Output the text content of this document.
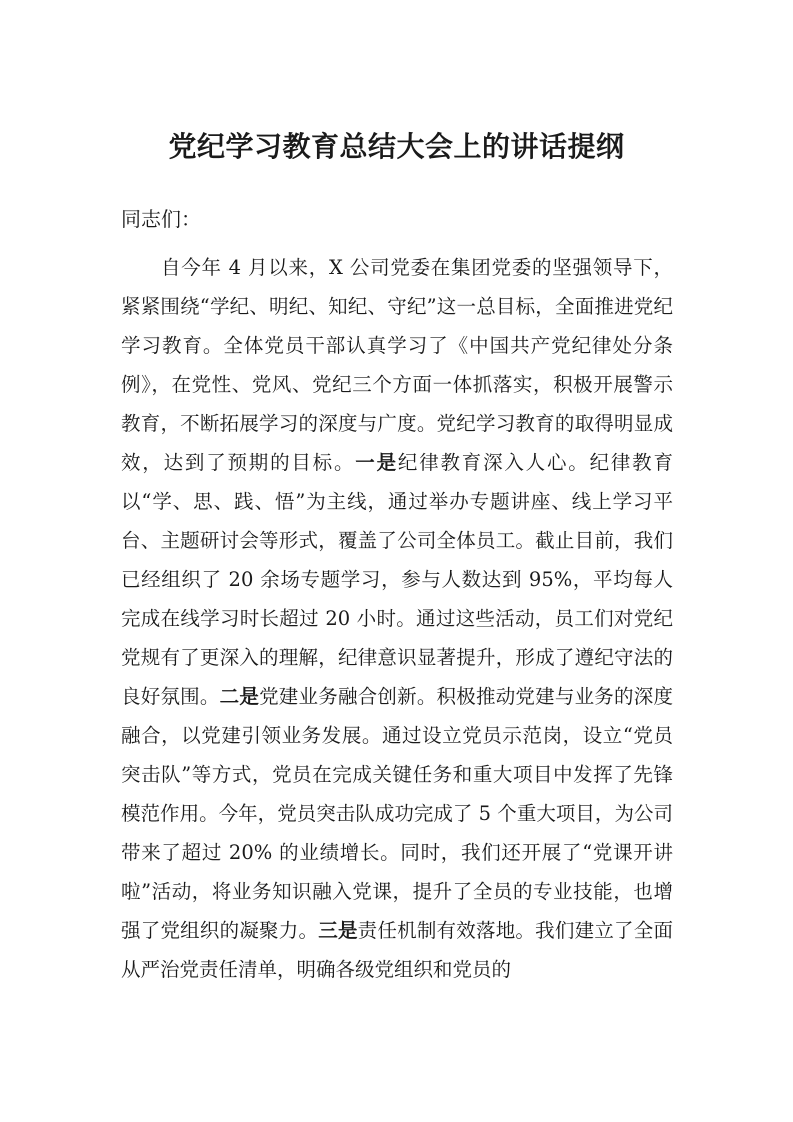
党纪学习教育总结大会上的讲话提纲
同志们：

自今年 4 月以来，X 公司党委在集团党委的坚强领导下，紧紧围绕“学纪、明纪、知纪、守纪”这一总目标，全面推进党纪学习教育。全体党员干部认真学习了《中国共产党纪律处分条例》，在党性、党风、党纪三个方面一体抓落实，积极开展警示教育，不断拓展学习的深度与广度。党纪学习教育的取得明显成效，达到了预期的目标。一是纪律教育深入人心。纪律教育以“学、思、践、悟”为主线，通过举办专题讲座、线上学习平台、主题研讨会等形式，覆盖了公司全体员工。截止目前，我们已经组织了 20 余场专题学习，参与人数达到 95%，平均每人完成在线学习时长超过 20 小时。通过这些活动，员工们对党纪党规有了更深入的理解，纪律意识显著提升，形成了遵纪守法的良好氛围。二是党建业务融合创新。积极推动党建与业务的深度融合，以党建引领业务发展。通过设立党员示范岗，设立“党员突击队”等方式，党员在完成关键任务和重大项目中发挥了先锋模范作用。今年，党员突击队成功完成了 5 个重大项目，为公司带来了超过 20% 的业绩增长。同时，我们还开展了“党课开讲啦”活动，将业务知识融入党课，提升了全员的专业技能，也增强了党组织的凝聚力。三是责任机制有效落地。我们建立了全面从严治党责任清单，明确各级党组织和党员的
